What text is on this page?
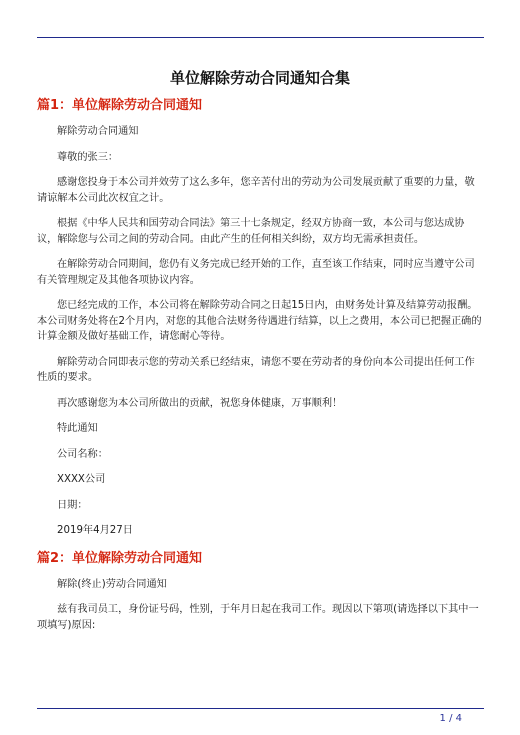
单位解除劳动合同通知合集
篇1：单位解除劳动合同通知

解除劳动合同通知

尊敬的张三：

感谢您投身于本公司并效劳了这么多年，您辛苦付出的劳动为公司发展贡献了重要的力量，敬请谅解本公司此次权宜之计。

根据《中华人民共和国劳动合同法》第三十七条规定，经双方协商一致，本公司与您达成协议，解除您与公司之间的劳动合同。由此产生的任何相关纠纷，双方均无需承担责任。

在解除劳动合同期间，您仍有义务完成已经开始的工作，直至该工作结束，同时应当遵守公司有关管理规定及其他各项协议内容。

您已经完成的工作，本公司将在解除劳动合同之日起15日内，由财务处计算及结算劳动报酬。本公司财务处将在2个月内，对您的其他合法财务待遇进行结算，以上之费用，本公司已把握正确的计算金额及做好基础工作，请您耐心等待。

解除劳动合同即表示您的劳动关系已经结束，请您不要在劳动者的身份向本公司提出任何工作性质的要求。

再次感谢您为本公司所做出的贡献，祝您身体健康，万事顺利！

特此通知

公司名称：

XXXX公司

日期：

2019年4月27日

篇2：单位解除劳动合同通知

解除(终止)劳动合同通知

兹有我司员工，身份证号码，性别，于年月日起在我司工作。现因以下第项(请选择以下其中一项填写)原因:

1 / 4
